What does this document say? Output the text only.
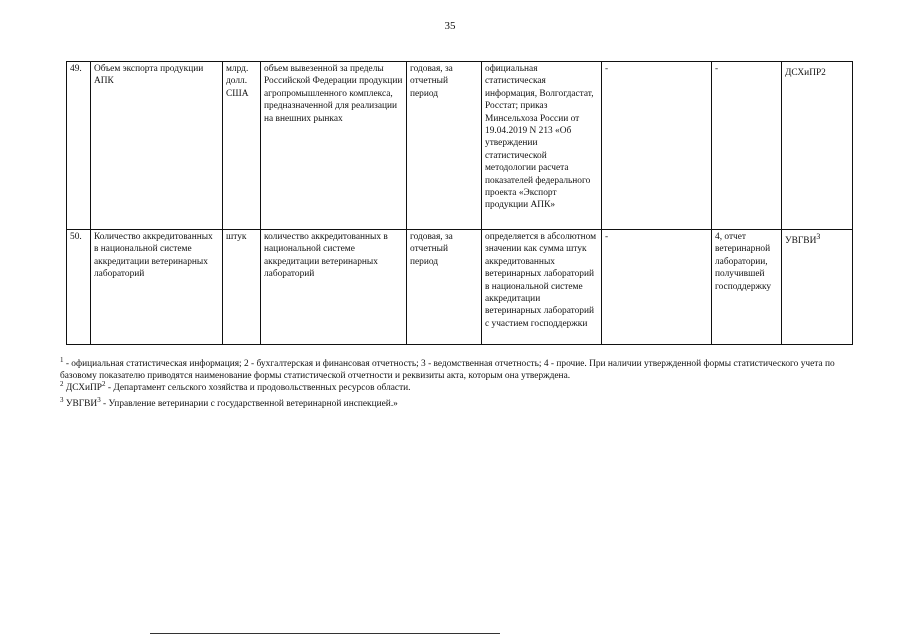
35
49.	Объем экспорта продукции АПК	млрд. долл. США	объем вывезенной за пределы Российской Федерации продукции агропромышленного комплекса, предназначенной для реализации на внешних рынках	годовая, за отчетный период	официальная статистическая информация, Волгогдастат, Росстат; приказ Минсельхоза России от 19.04.2019 N 213 «Об утверждении статистической методологии расчета показателей федерального проекта «Экспорт продукции АПК»	-	-	ДСХиПР2
50.	Количество аккредитованных в национальной системе аккредитации ветеринарных лабораторий	штук	количество аккредитованных в национальной системе аккредитации ветеринарных лабораторий	годовая, за отчетный период	определяется в абсолютном значении как сумма штук аккредитованных ветеринарных лабораторий в национальной системе аккредитации ветеринарных лабораторий с участием господдержки	-	4, отчет ветеринарной лаборатории, получившей господдержку	УВГВИ$^3$

$^1$ - официальная статистическая информация; 2 - бухгалтерская и финансовая отчетность; 3 - ведомственная отчетность; 4 - прочие. При наличии утвержденной формы статистического учета по базовому показателю приводятся наименование формы статистической отчетности и реквизиты акта, которым она утверждена.

$^2$ ДСХиПР$^2$ - Департамент сельского хозяйства и продовольственных ресурсов области.

$^3$ УВГВИ$^3$ - Управление ветеринарии с государственной ветеринарной инспекцией.»
